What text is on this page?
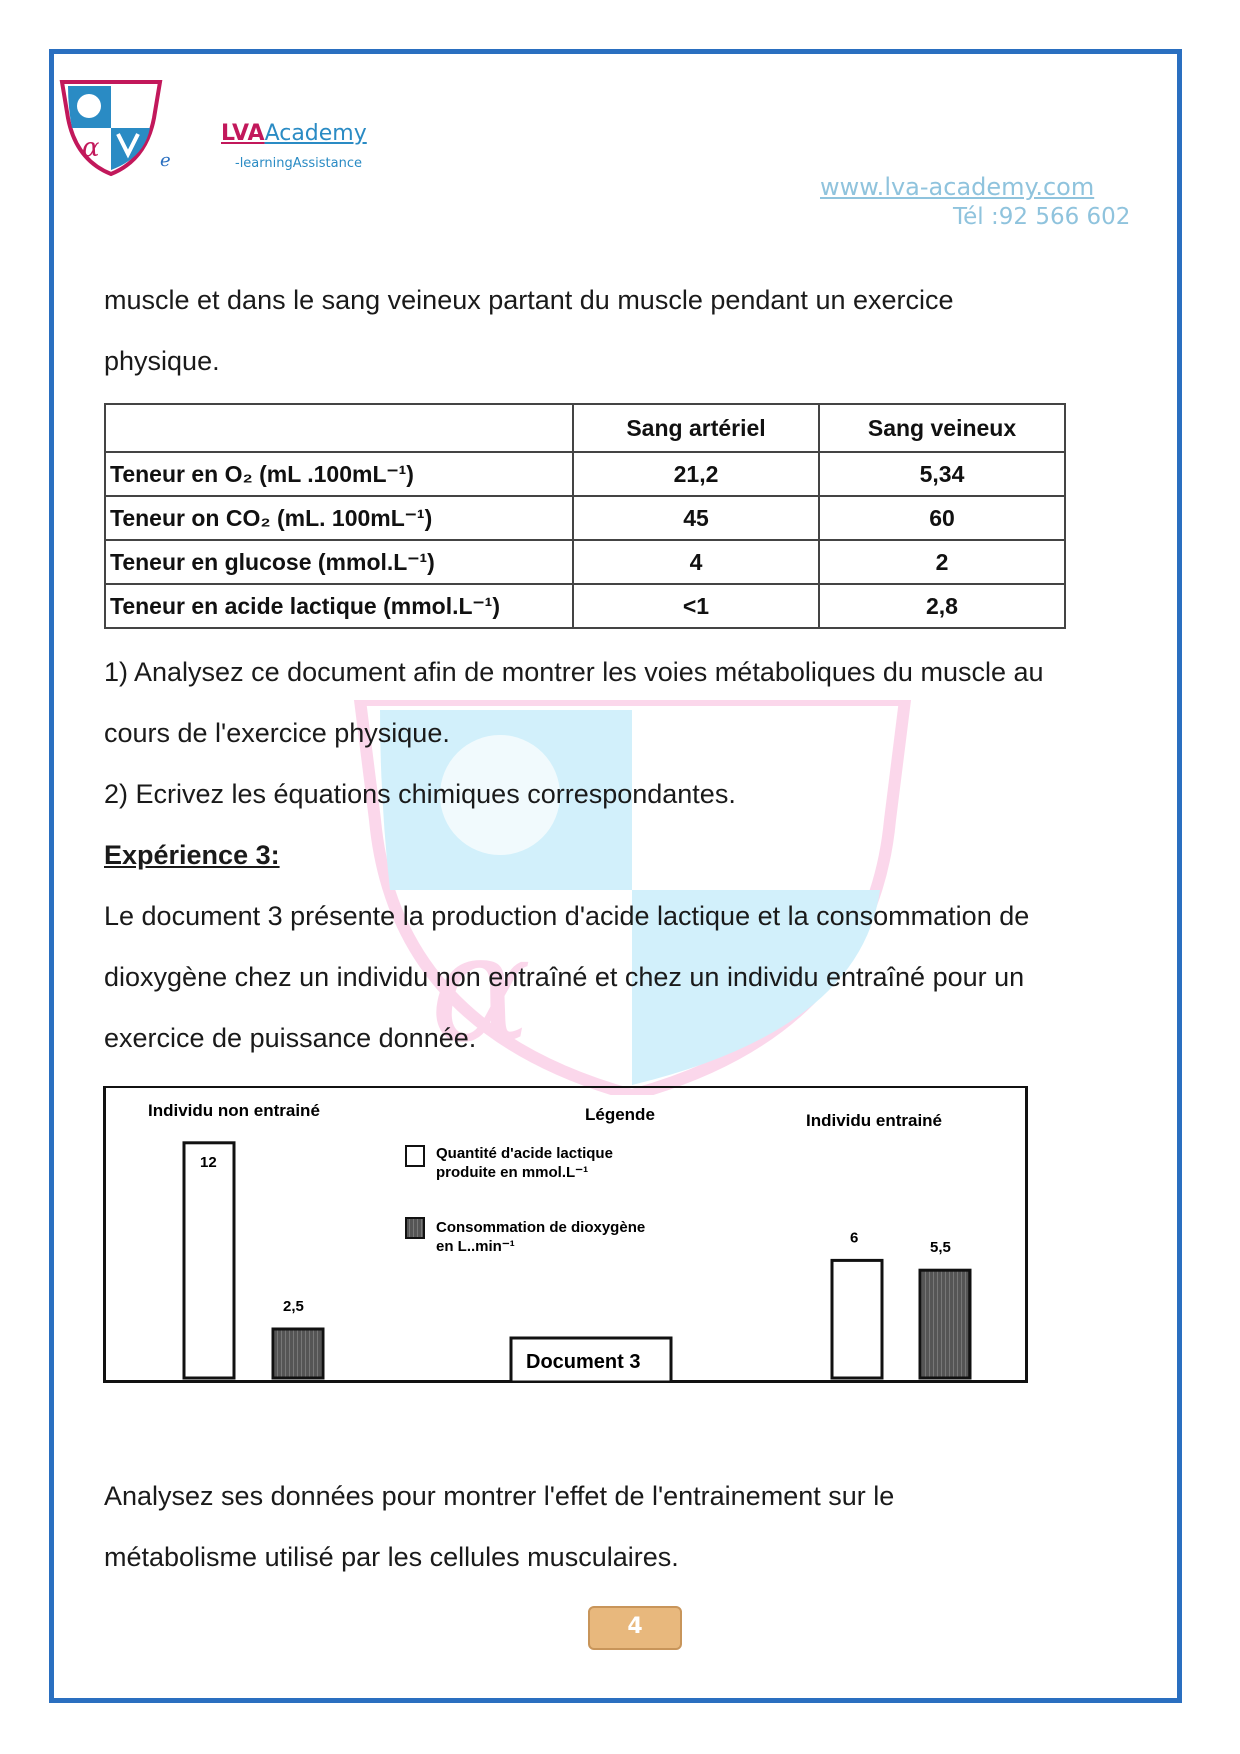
α	e
LVAAcademy
-learningAssistance
www.lva-academy.com
Tél :92 566 602
α

muscle et dans le sang veineux partant du muscle pendant un exercice

physique.

	Sang artériel	Sang veineux
Teneur en O₂ (mL .100mL⁻¹)	21,2	5,34
Teneur on CO₂ (mL. 100mL⁻¹)	45	60
Teneur en glucose (mmol.L⁻¹)	4	2
Teneur en acide lactique (mmol.L⁻¹)	<1	2,8

1) Analysez ce document afin de montrer les voies métaboliques du muscle au

cours de l'exercice physique.

2) Ecrivez les équations chimiques correspondantes.

Expérience 3:

Le document 3 présente la production d'acide lactique et la consommation de

dioxygène chez un individu non entraîné et chez un individu entraîné pour un

exercice de puissance donnée.

Individu non entrainé
12
2,5
Individu entrainé
6
5,5
Légende
Quantité d'acide lactique
produite en mmol.L⁻¹
Consommation de dioxygène
en L..min⁻¹
Document 3

Analysez ses données pour montrer l'effet de l'entrainement sur le

métabolisme utilisé par les cellules musculaires.

4
